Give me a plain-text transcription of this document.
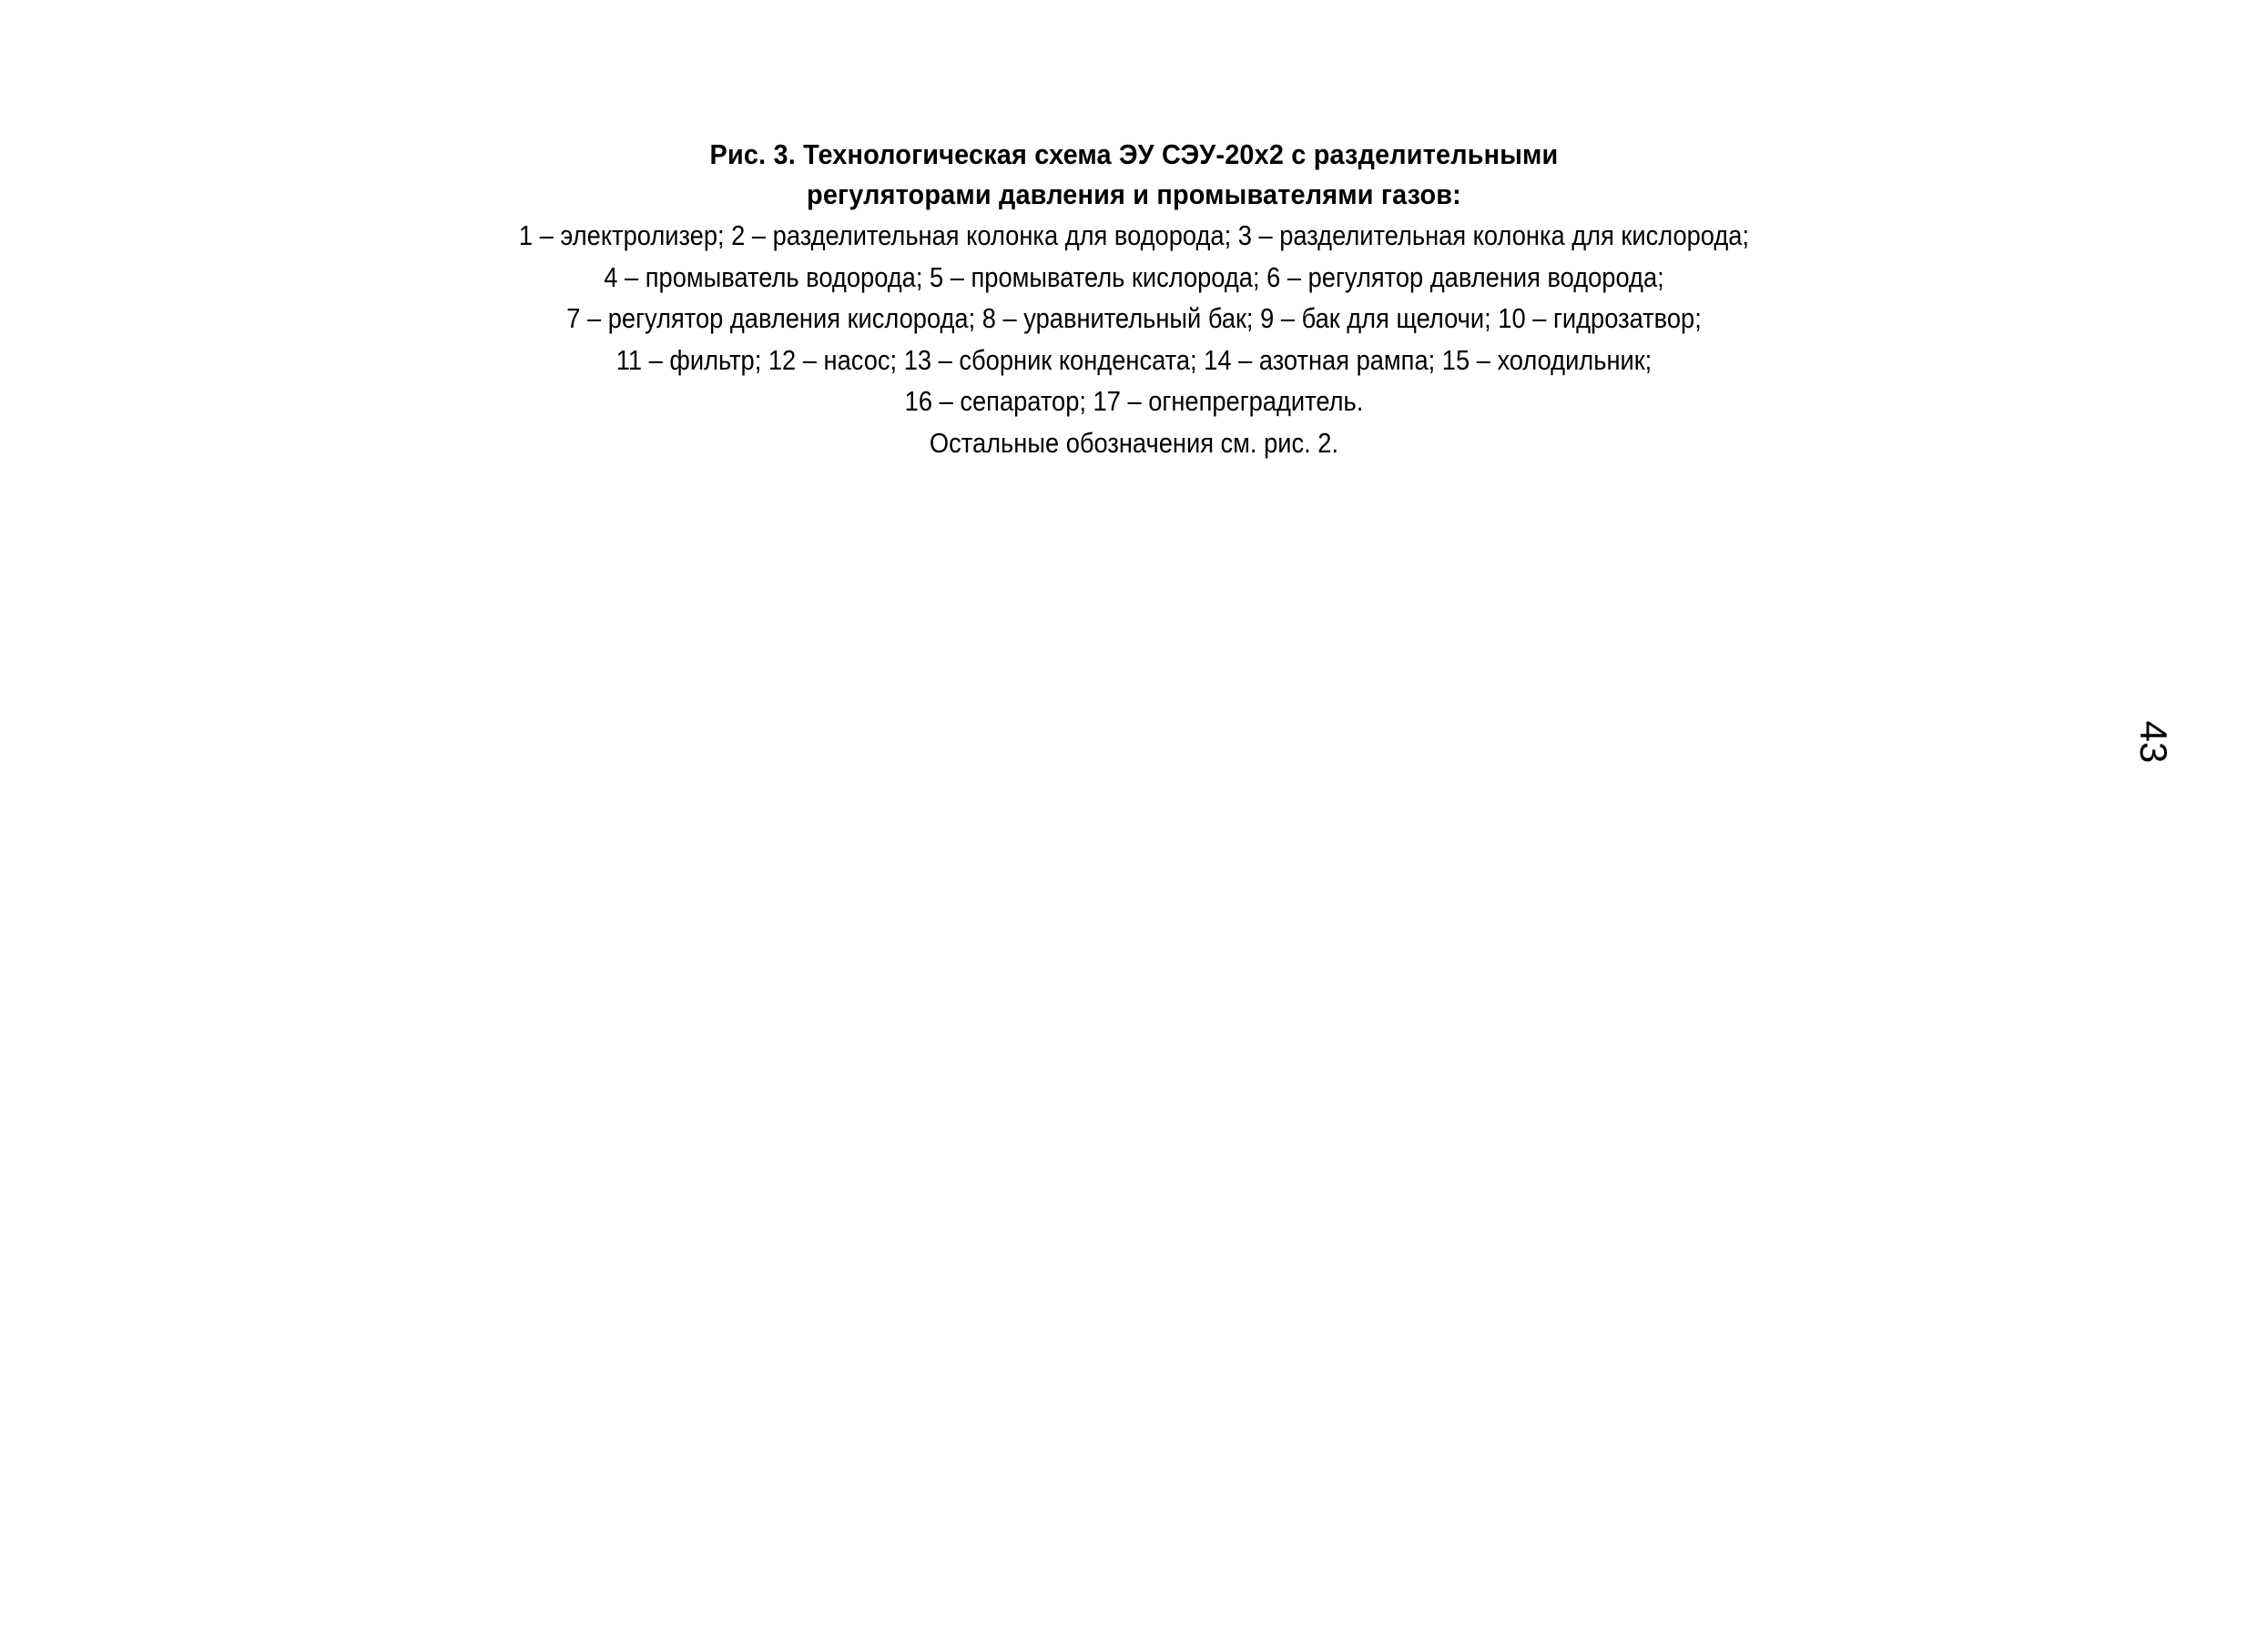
Рис. 3. Технологическая схема ЭУ СЭУ-20х2 с разделительными
регуляторами давления и промывателями газов:

1 – электролизер; 2 – разделительная колонка для водорода; 3 – разделительная колонка для кислорода;
4 – промыватель водорода; 5 – промыватель кислорода; 6 – регулятор давления водорода;
7 – регулятор давления кислорода; 8 – уравнительный бак; 9 – бак для щелочи; 10 – гидрозатвор;
11 – фильтр; 12 – насос; 13 – сборник конденсата; 14 – азотная рампа; 15 – холодильник;
16 – сепаратор; 17 – огнепреградитель.
Остальные обозначения см. рис. 2.

43
